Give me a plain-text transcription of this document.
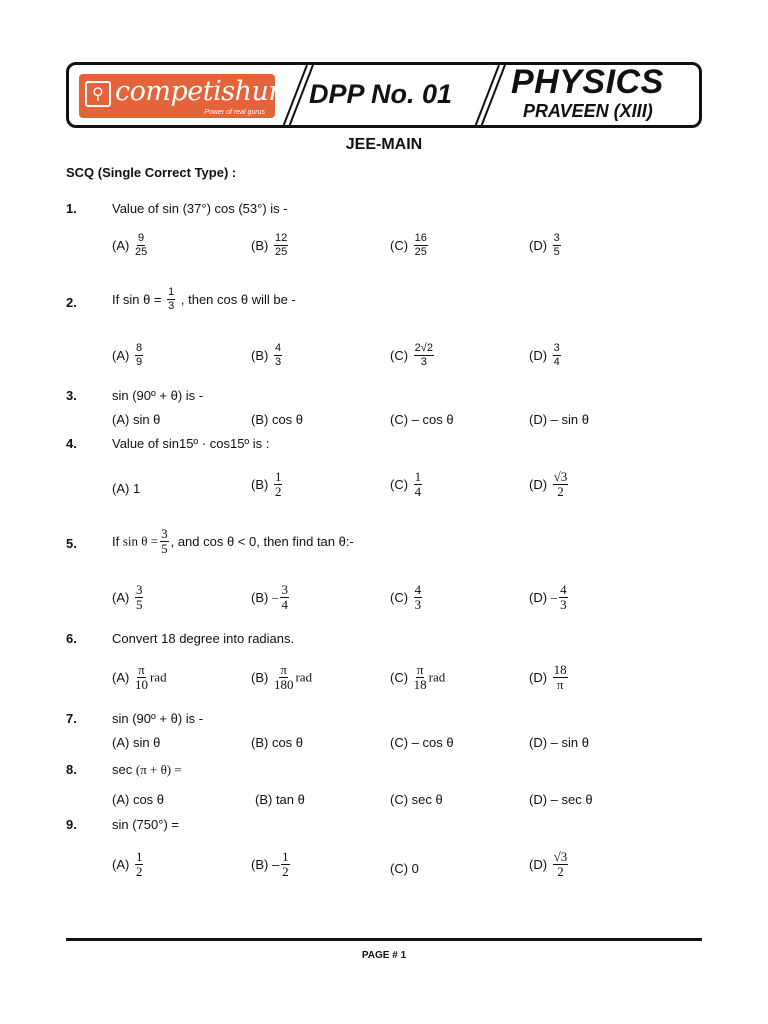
⚲ competishun
Power of real gurus
DPP No. 01 PHYSICS
PRAVEEN (XIII)
JEE-MAIN
SCQ (Single Correct Type) :
1.	Value of sin (37°) cos (53°) is -
$(A) \frac{9}{25}$	$(B) \frac{12}{25}$	$(C) \frac{16}{25}$	$(D) \frac{3}{5}$
2.	If $\sin \theta = \frac{1}{3}$ , then cos θ will be -
$(A) \frac{8}{9}$	$(B) \frac{4}{3}$	$(C) \frac{2√2}{3}$	$(D) \frac{3}{4}$
3.	sin (90º + θ) is -
(A) sin θ	(B) cos θ	(C) – cos θ	(D) – sin θ
4.	Value of sin15º · cos15º is :
(A) 1	$(B) \frac{1}{2}$	$(C) \frac{1}{4}$	$(D) \frac{√3}{2}$
5.	If $\sin \theta = \frac{3}{5}$ , and cos θ < 0, then find tan θ:-
$(A) \frac{3}{5}$	$(B) - \frac{3}{4}$	$(C) \frac{4}{3}$	$(D) - \frac{4}{3}$
6.	Convert 18 degree into radians.
$(A) \frac{\pi}{10}$ rad	$(B) \frac{\pi}{180}$ rad	$(C) \frac{\pi}{18}$ rad	$(D) \frac{18}{\pi}$
7.	sin (90º + θ) is -
(A) sin θ	(B) cos θ	(C) – cos θ	(D) – sin θ
8.	sec (π + θ) =
(A) cos θ	(B) tan θ	(C) sec θ	(D) – sec θ
9.	sin (750°) =
$(A) \frac{1}{2}$	$(B) - \frac{1}{2}$	(C) 0	$(D) \frac{√3}{2}$
PAGE # 1
